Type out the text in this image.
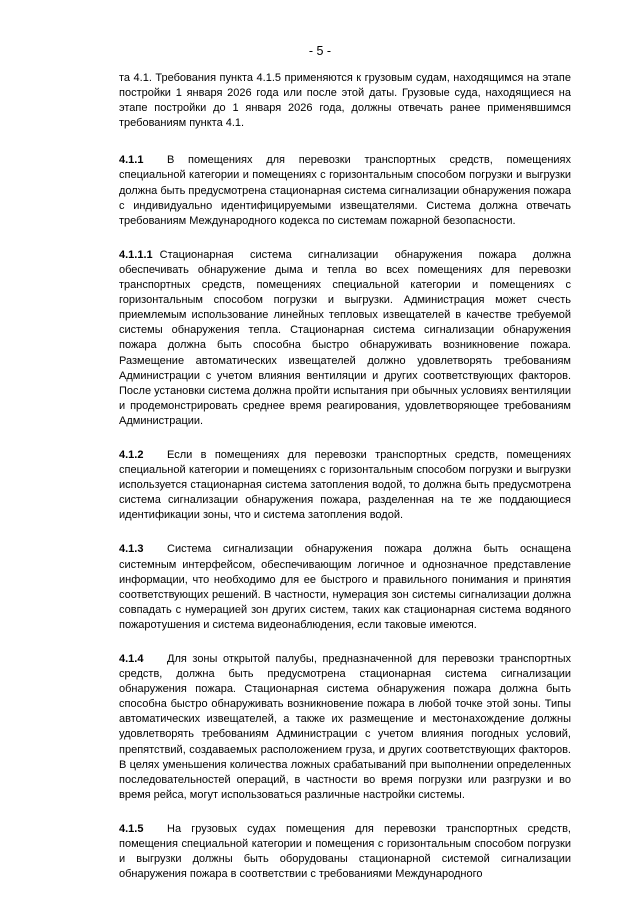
- 5 -

та 4.1. Требования пункта 4.1.5 применяются к грузовым судам, находящимся на этапе постройки 1 января 2026 года или после этой даты. Грузовые суда, находящиеся на этапе постройки до 1 января 2026 года, должны отвечать ранее применявшимся требованиям пункта 4.1.

4.1.1 В помещениях для перевозки транспортных средств, помещениях специальной категории и помещениях с горизонтальным способом погрузки и выгрузки должна быть предусмотрена стационарная система сигнализации обнаружения пожара с индивидуально идентифицируемыми извещателями. Система должна отвечать требованиям Международного кодекса по системам пожарной безопасности.

4.1.1.1 Стационарная система сигнализации обнаружения пожара должна обеспечивать обнаружение дыма и тепла во всех помещениях для перевозки транспортных средств, помещениях специальной категории и помещениях с горизонтальным способом погрузки и выгрузки. Администрация может счесть приемлемым использование линейных тепловых извещателей в качестве требуемой системы обнаружения тепла. Стационарная система сигнализации обнаружения пожара должна быть способна быстро обнаруживать возникновение пожара. Размещение автоматических извещателей должно удовлетворять требованиям Администрации с учетом влияния вентиляции и других соответствующих факторов. После установки система должна пройти испытания при обычных условиях вентиляции и продемонстрировать среднее время реагирования, удовлетворяющее требованиям Администрации.

4.1.2 Если в помещениях для перевозки транспортных средств, помещениях специальной категории и помещениях с горизонтальным способом погрузки и выгрузки используется стационарная система затопления водой, то должна быть предусмотрена система сигнализации обнаружения пожара, разделенная на те же поддающиеся идентификации зоны, что и система затопления водой.

4.1.3 Система сигнализации обнаружения пожара должна быть оснащена системным интерфейсом, обеспечивающим логичное и однозначное представление информации, что необходимо для ее быстрого и правильного понимания и принятия соответствующих решений. В частности, нумерация зон системы сигнализации должна совпадать с нумерацией зон других систем, таких как стационарная система водяного пожаротушения и система видеонаблюдения, если таковые имеются.

4.1.4 Для зоны открытой палубы, предназначенной для перевозки транспортных средств, должна быть предусмотрена стационарная система сигнализации обнаружения пожара. Стационарная система обнаружения пожара должна быть способна быстро обнаруживать возникновение пожара в любой точке этой зоны. Типы автоматических извещателей, а также их размещение и местонахождение должны удовлетворять требованиям Администрации с учетом влияния погодных условий, препятствий, создаваемых расположением груза, и других соответствующих факторов. В целях уменьшения количества ложных срабатываний при выполнении определенных последовательностей операций, в частности во время погрузки или разгрузки и во время рейса, могут использоваться различные настройки системы.

4.1.5 На грузовых судах помещения для перевозки транспортных средств, помещения специальной категории и помещения с горизонтальным способом погрузки и выгрузки должны быть оборудованы стационарной системой сигнализации обнаружения пожара в соответствии с требованиями Международного
